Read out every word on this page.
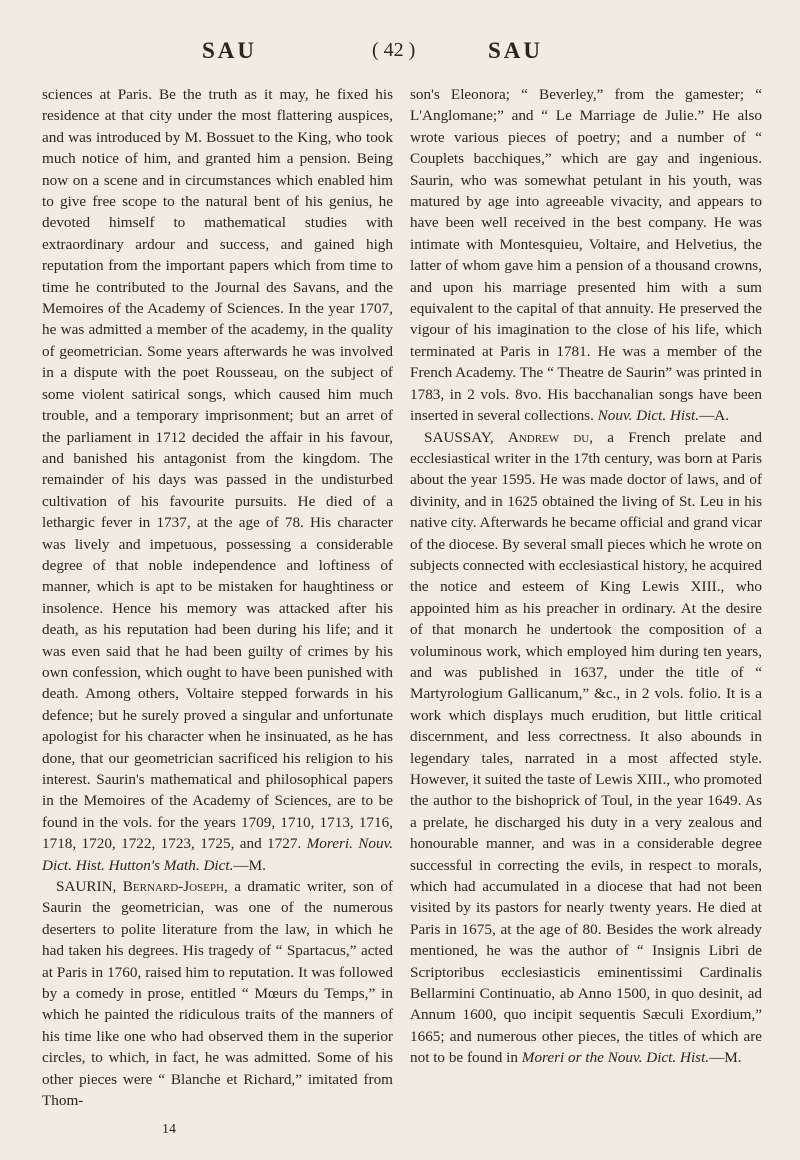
SAU	( 42 )	SAU

sciences at Paris. Be the truth as it may, he fixed his residence at that city under the most flattering auspices, and was introduced by M. Bossuet to the King, who took much notice of him, and granted him a pension. Being now on a scene and in circumstances which enabled him to give free scope to the natural bent of his genius, he devoted himself to mathematical studies with extraordinary ardour and success, and gained high reputation from the important papers which from time to time he contributed to the Journal des Savans, and the Memoires of the Academy of Sciences. In the year 1707, he was admitted a member of the academy, in the quality of geometrician. Some years afterwards he was involved in a dispute with the poet Rousseau, on the subject of some violent satirical songs, which caused him much trouble, and a temporary imprisonment; but an arret of the parliament in 1712 decided the affair in his favour, and banished his antagonist from the kingdom. The remainder of his days was passed in the undisturbed cultivation of his favourite pursuits. He died of a lethargic fever in 1737, at the age of 78. His character was lively and impetuous, possessing a considerable degree of that noble independence and loftiness of manner, which is apt to be mistaken for haughtiness or insolence. Hence his memory was attacked after his death, as his reputation had been during his life; and it was even said that he had been guilty of crimes by his own confession, which ought to have been punished with death. Among others, Voltaire stepped forwards in his defence; but he surely proved a singular and unfortunate apologist for his character when he insinuated, as he has done, that our geometrician sacrificed his religion to his interest. Saurin's mathematical and philosophical papers in the Memoires of the Academy of Sciences, are to be found in the vols. for the years 1709, 1710, 1713, 1716, 1718, 1720, 1722, 1723, 1725, and 1727. Moreri. Nouv. Dict. Hist. Hutton's Math. Dict.—M.

SAURIN, Bernard-Joseph, a dramatic writer, son of Saurin the geometrician, was one of the numerous deserters to polite literature from the law, in which he had taken his degrees. His tragedy of “ Spartacus,” acted at Paris in 1760, raised him to reputation. It was followed by a comedy in prose, entitled “ Mœurs du Temps,” in which he painted the ridiculous traits of the manners of his time like one who had observed them in the superior circles, to which, in fact, he was admitted. Some of his other pieces were “ Blanche et Richard,” imitated from Thom-

son's Eleonora; “ Beverley,” from the gamester; “ L'Anglomane;” and “ Le Marriage de Julie.” He also wrote various pieces of poetry; and a number of “ Couplets bacchiques,” which are gay and ingenious. Saurin, who was somewhat petulant in his youth, was matured by age into agreeable vivacity, and appears to have been well received in the best company. He was intimate with Montesquieu, Voltaire, and Helvetius, the latter of whom gave him a pension of a thousand crowns, and upon his marriage presented him with a sum equivalent to the capital of that annuity. He preserved the vigour of his imagination to the close of his life, which terminated at Paris in 1781. He was a member of the French Academy. The “ Theatre de Saurin” was printed in 1783, in 2 vols. 8vo. His bacchanalian songs have been inserted in several collections. Nouv. Dict. Hist.—A.

SAUSSAY, Andrew du, a French prelate and ecclesiastical writer in the 17th century, was born at Paris about the year 1595. He was made doctor of laws, and of divinity, and in 1625 obtained the living of St. Leu in his native city. Afterwards he became official and grand vicar of the diocese. By several small pieces which he wrote on subjects connected with ecclesiastical history, he acquired the notice and esteem of King Lewis XIII., who appointed him as his preacher in ordinary. At the desire of that monarch he undertook the composition of a voluminous work, which employed him during ten years, and was published in 1637, under the title of “ Martyrologium Gallicanum,” &c., in 2 vols. folio. It is a work which displays much erudition, but little critical discernment, and less correctness. It also abounds in legendary tales, narrated in a most affected style. However, it suited the taste of Lewis XIII., who promoted the author to the bishoprick of Toul, in the year 1649. As a prelate, he discharged his duty in a very zealous and honourable manner, and was in a considerable degree successful in correcting the evils, in respect to morals, which had accumulated in a diocese that had not been visited by its pastors for nearly twenty years. He died at Paris in 1675, at the age of 80. Besides the work already mentioned, he was the author of “ Insignis Libri de Scriptoribus ecclesiasticis eminentissimi Cardinalis Bellarmini Continuatio, ab Anno 1500, in quo desinit, ad Annum 1600, quo incipit sequentis Sæculi Exordium,” 1665; and numerous other pieces, the titles of which are not to be found in Moreri or the Nouv. Dict. Hist.—M.

14
